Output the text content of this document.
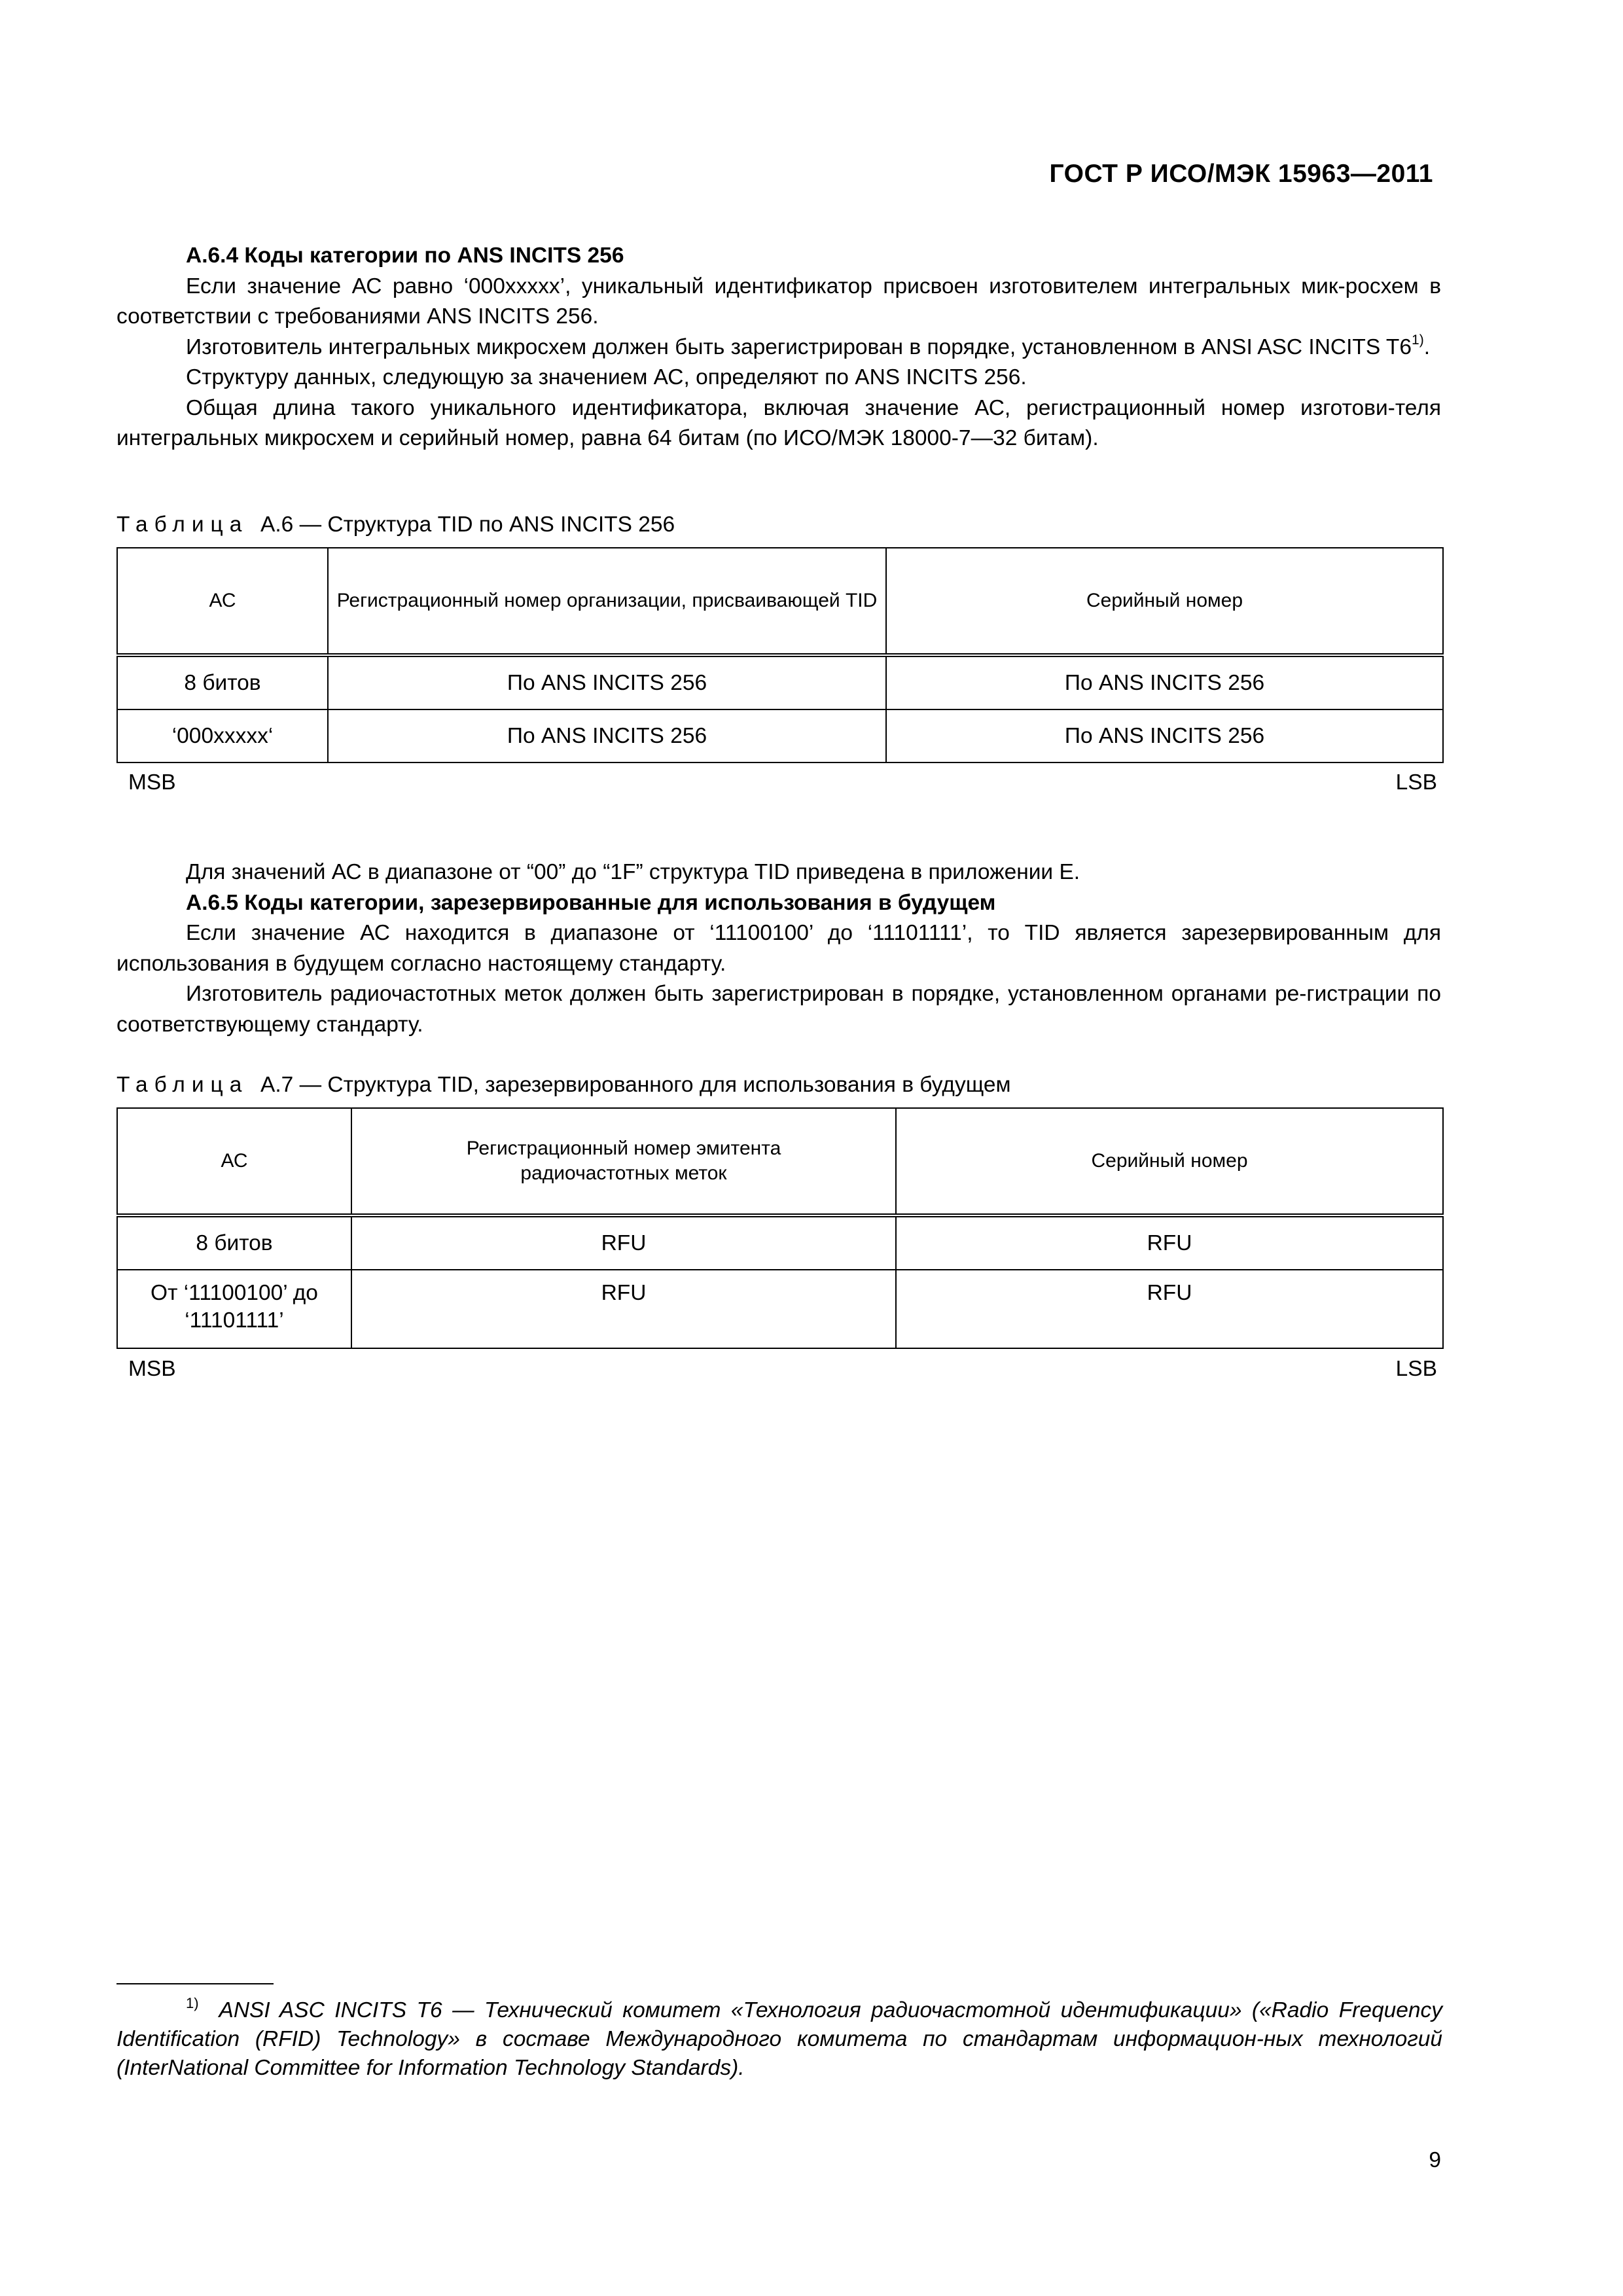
ГОСТ Р ИСО/МЭК 15963—2011

А.6.4 Коды категории по ANS INCITS 256

Если значение АС равно ‘000xxxxx’, уникальный идентификатор присвоен изготовителем интегральных мик-росхем в соответствии с требованиями ANS INCITS 256.

Изготовитель интегральных микросхем должен быть зарегистрирован в порядке, установленном в ANSI ASC INCITS T6$^{1)}$.

Структуру данных, следующую за значением АС, определяют по ANS INCITS 256.

Общая длина такого уникального идентификатора, включая значение АС, регистрационный номер изготови-теля интегральных микросхем и серийный номер, равна 64 битам (по ИСО/МЭК 18000-7—32 битам).

Таблица А.6 — Структура TID по ANS INCITS 256
АС	Регистрационный номер организации, присваивающей TID	Серийный номер
8 битов	По ANS INCITS 256	По ANS INCITS 256
‘000xxxxx‘	По ANS INCITS 256	По ANS INCITS 256
MSB	LSB

Для значений АС в диапазоне от “00” до “1F” структура TID приведена в приложении Е.

А.6.5 Коды категории, зарезервированные для использования в будущем

Если значение АС находится в диапазоне от ‘11100100’ до ‘11101111’, то TID является зарезервированным для использования в будущем согласно настоящему стандарту.

Изготовитель радиочастотных меток должен быть зарегистрирован в порядке, установленном органами ре-гистрации по соответствующему стандарту.

Таблица А.7 — Структура TID, зарезервированного для использования в будущем
АС	Регистрационный номер эмитента радиочастотных меток	Серийный номер
8 битов	RFU	RFU
От ‘11100100’ до ‘11101111’	RFU	RFU
MSB	LSB

$^{1)}$ ANSI ASC INCITS T6 — Технический комитет «Технология радиочастотной идентификации» («Radio Frequency Identification (RFID) Technology» в составе Международного комитета по стандартам информацион-ных технологий (InterNational Committee for Information Technology Standards).

9
